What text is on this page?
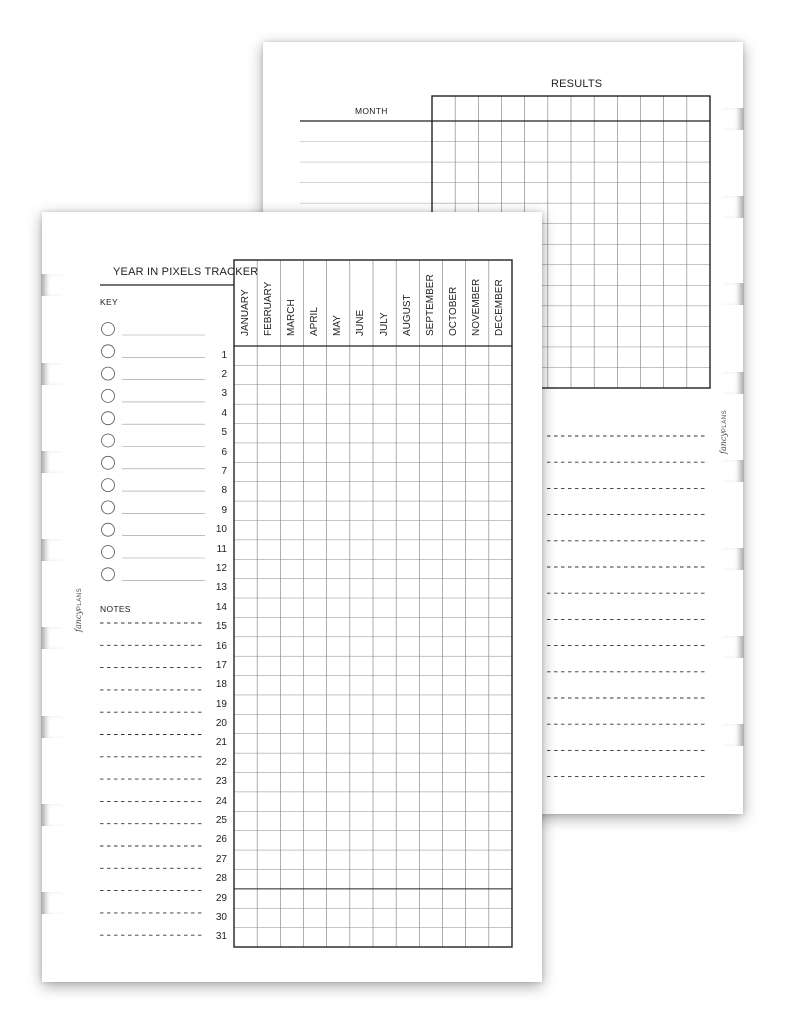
RESULTS
MONTH
fancyPLANS
YEAR IN PIXELS TRACKER
KEY
NOTES
fancyPLANS
JANUARY FEBRUARY MARCH APRIL MAY JUNE JULY AUGUST SEPTEMBER OCTOBER NOVEMBER DECEMBER
1
2
3
4
5
6
7
8
9
10
11
12
13
14
15
16
17
18
19
20
21
22
23
24
25
26
27
28
29
30
31
